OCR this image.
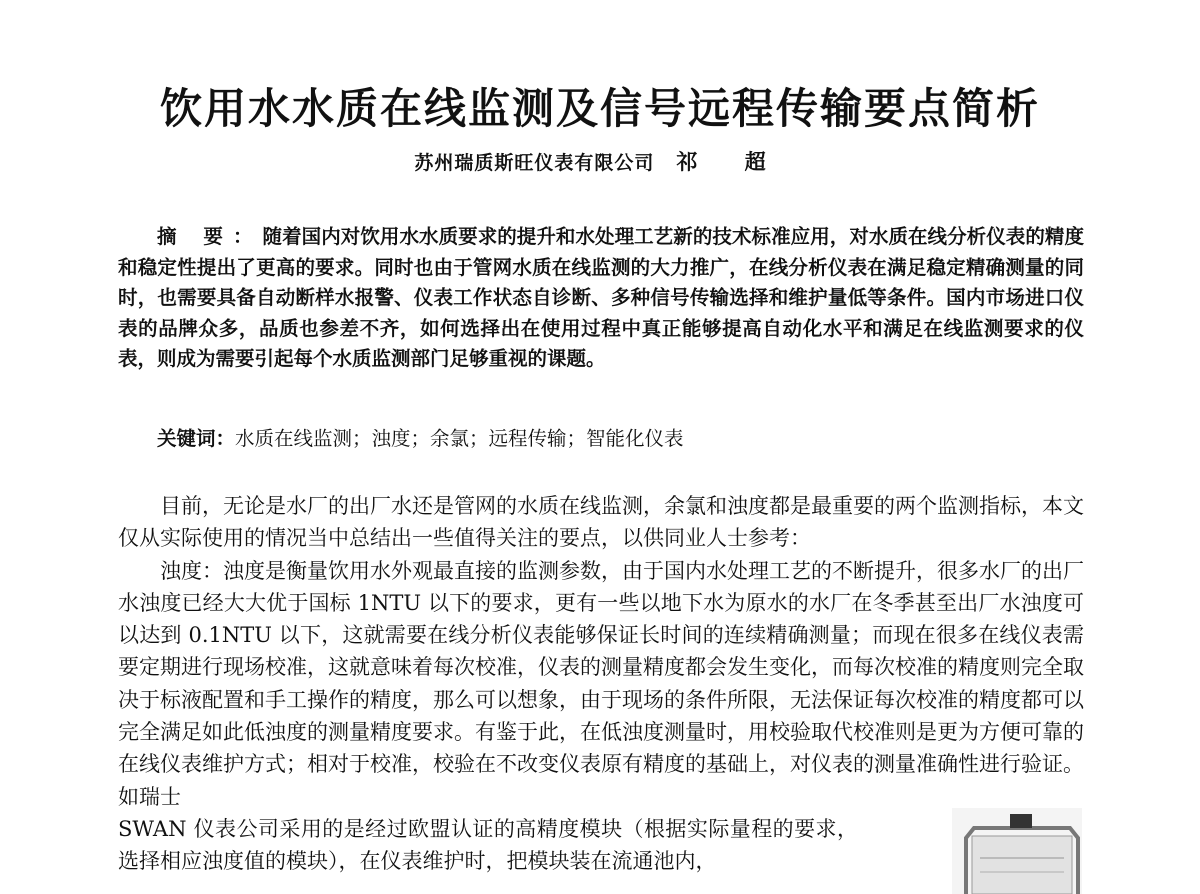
饮用水水质在线监测及信号远程传输要点简析
苏州瑞质斯旺仪表有限公司 祁 超
摘 要：随着国内对饮用水水质要求的提升和水处理工艺新的技术标准应用，对水质在线分析仪表的精度和稳定性提出了更高的要求。同时也由于管网水质在线监测的大力推广，在线分析仪表在满足稳定精确测量的同时，也需要具备自动断样水报警、仪表工作状态自诊断、多种信号传输选择和维护量低等条件。国内市场进口仪表的品牌众多，品质也参差不齐，如何选择出在使用过程中真正能够提高自动化水平和满足在线监测要求的仪表，则成为需要引起每个水质监测部门足够重视的课题。
关键词：水质在线监测；浊度；余氯；远程传输；智能化仪表

目前，无论是水厂的出厂水还是管网的水质在线监测，余氯和浊度都是最重要的两个监测指标，本文仅从实际使用的情况当中总结出一些值得关注的要点，以供同业人士参考：

浊度：浊度是衡量饮用水外观最直接的监测参数，由于国内水处理工艺的不断提升，很多水厂的出厂水浊度已经大大优于国标 1NTU 以下的要求，更有一些以地下水为原水的水厂在冬季甚至出厂水浊度可以达到 0.1NTU 以下，这就需要在线分析仪表能够保证长时间的连续精确测量；而现在很多在线仪表需要定期进行现场校准，这就意味着每次校准，仪表的测量精度都会发生变化，而每次校准的精度则完全取决于标液配置和手工操作的精度，那么可以想象，由于现场的条件所限，无法保证每次校准的精度都可以完全满足如此低浊度的测量精度要求。有鉴于此，在低浊度测量时，用校验取代校准则是更为方便可靠的在线仪表维护方式；相对于校准，校验在不改变仪表原有精度的基础上，对仪表的测量准确性进行验证。如瑞士

SWAN 仪表公司采用的是经过欧盟认证的高精度模块（根据实际量程的要求，选择相应浊度值的模块），在仪表维护时，把模块装在流通池内，
